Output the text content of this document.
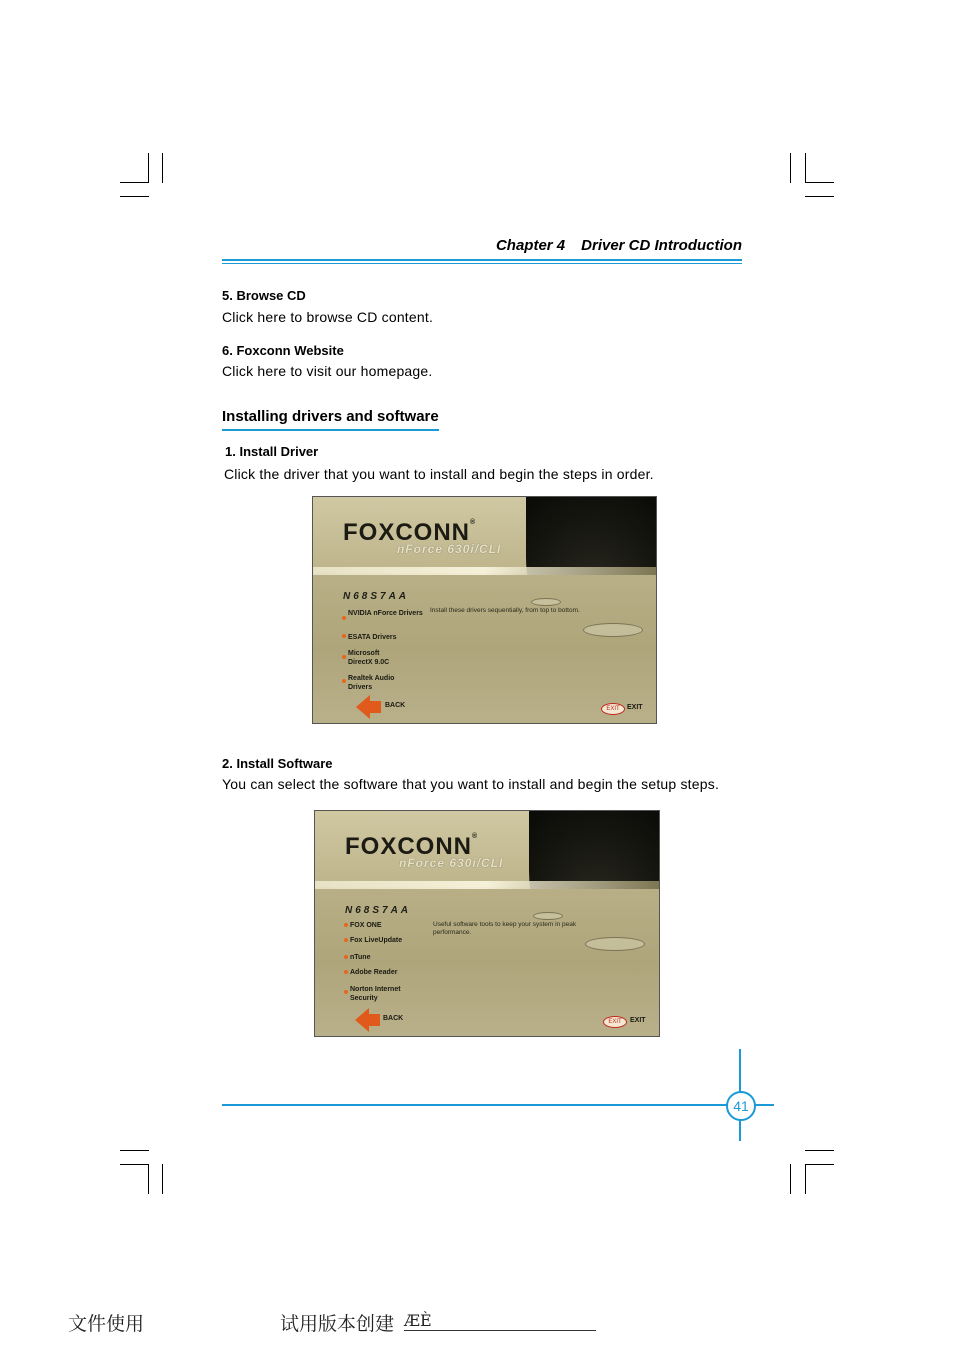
Chapter 4 Driver CD Introduction
5. Browse CD
Click here to browse CD content.
6. Foxconn Website
Click here to visit our homepage.
Installing drivers and software
1. Install Driver
Click the driver that you want to install and begin the steps in order.
FOXCONN®
nForce 630i/CLI
N68S7AA
NVIDIA nForce Drivers
ESATA Drivers
Microsoft DirectX 9.0C
Realtek Audio Drivers
Install these drivers sequentially, from top to bottom.
BACK	EXIT	EXIT
2. Install Software
You can select the software that you want to install and begin the setup steps.
FOXCONN®
nForce 630i/CLI
N68S7AA
FOX ONE
Fox LiveUpdate
nTune
Adobe Reader
Norton Internet Security
Useful software tools to keep your system in peak performance.
BACK	EXIT	EXIT
41
文件使用	试用版本创建 ÆÈ
